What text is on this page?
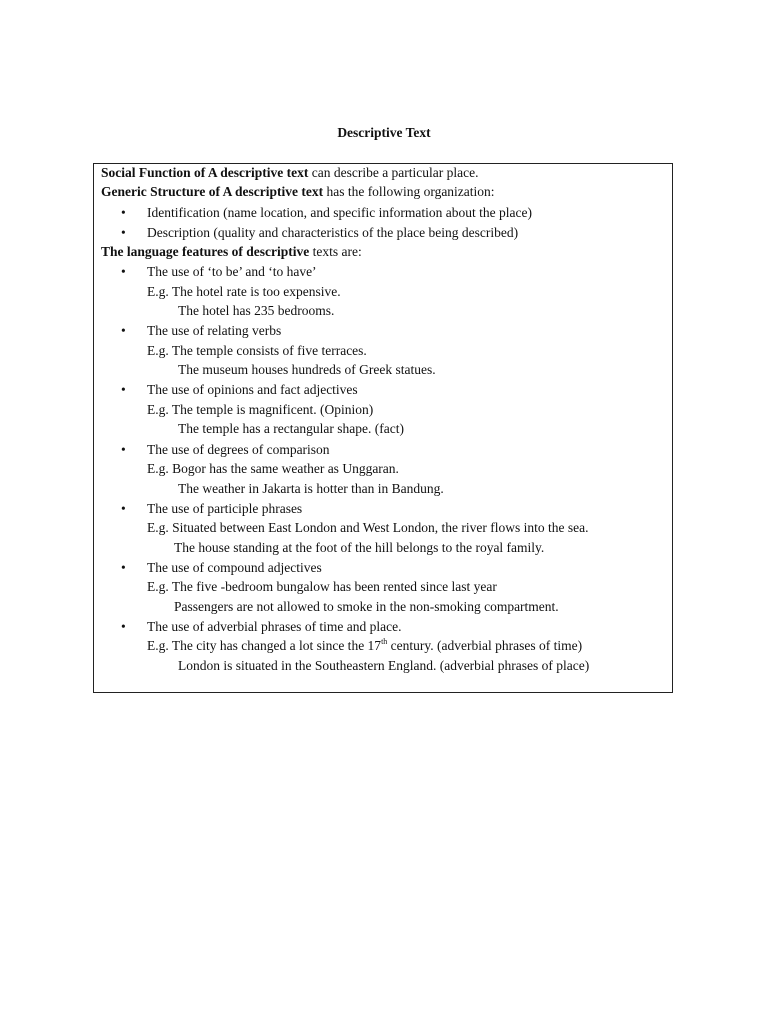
Descriptive Text
Social Function of A descriptive text can describe a particular place.
Generic Structure of A descriptive text has the following organization:
• Identification (name location, and specific information about the place)
• Description (quality and characteristics of the place being described)
The language features of descriptive texts are:
• The use of ‘to be’ and ‘to have’
E.g. The hotel rate is too expensive.
The hotel has 235 bedrooms.
• The use of relating verbs
E.g. The temple consists of five terraces.
The museum houses hundreds of Greek statues.
• The use of opinions and fact adjectives
E.g. The temple is magnificent. (Opinion)
The temple has a rectangular shape. (fact)
• The use of degrees of comparison
E.g. Bogor has the same weather as Unggaran.
The weather in Jakarta is hotter than in Bandung.
• The use of participle phrases
E.g. Situated between East London and West London, the river flows into the sea.
The house standing at the foot of the hill belongs to the royal family.
• The use of compound adjectives
E.g. The five -bedroom bungalow has been rented since last year
Passengers are not allowed to smoke in the non-smoking compartment.
• The use of adverbial phrases of time and place.
E.g. The city has changed a lot since the 17th century. (adverbial phrases of time)
London is situated in the Southeastern England. (adverbial phrases of place)
